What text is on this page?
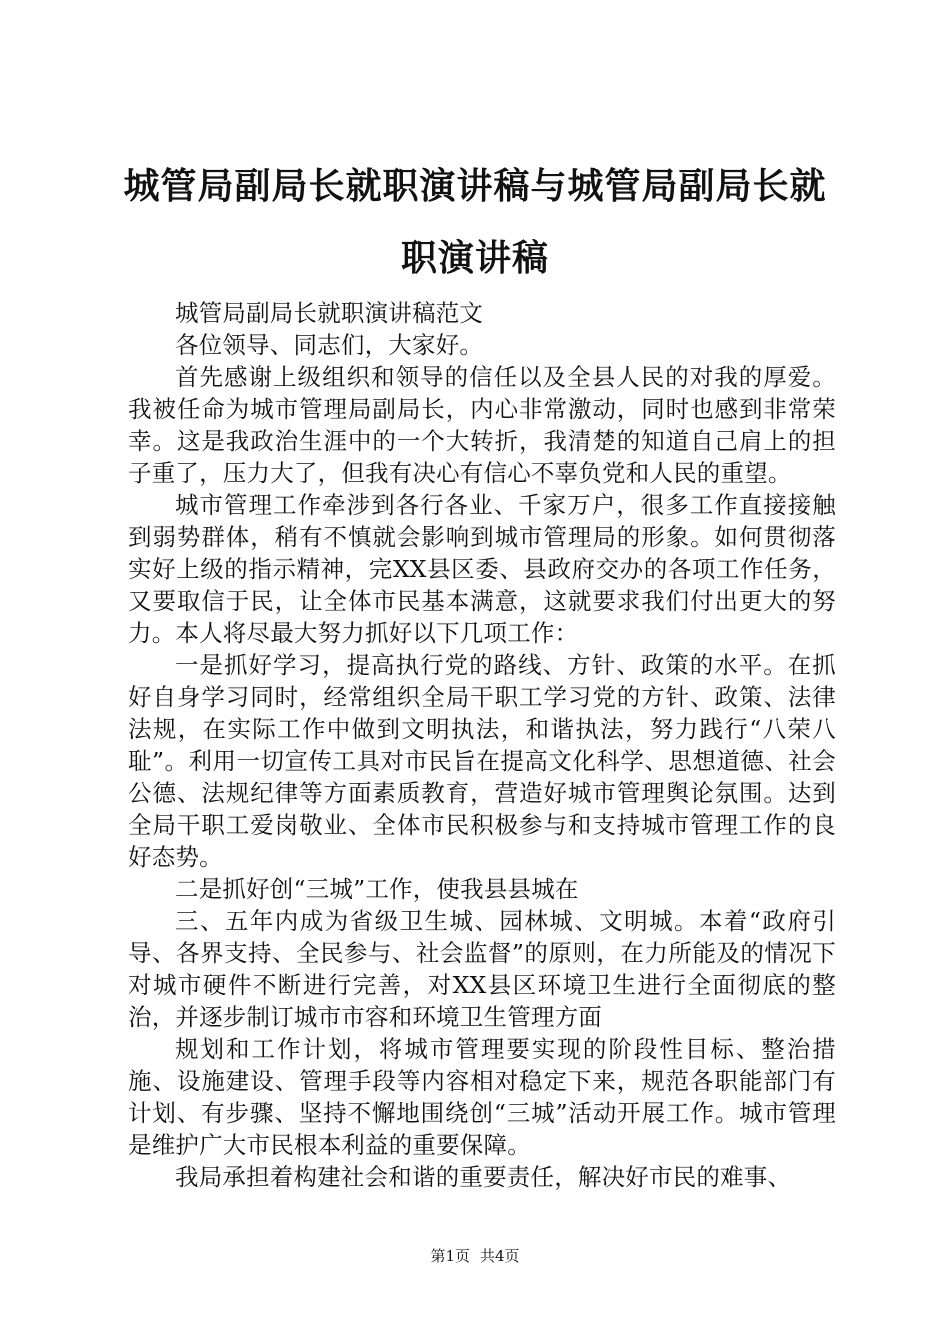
城管局副局长就职演讲稿与城管局副局长就职演讲稿

城管局副局长就职演讲稿范文

各位领导、同志们，大家好。

首先感谢上级组织和领导的信任以及全县人民的对我的厚爱。我被任命为城市管理局副局长，内心非常激动，同时也感到非常荣幸。这是我政治生涯中的一个大转折，我清楚的知道自己肩上的担子重了，压力大了，但我有决心有信心不辜负党和人民的重望。

城市管理工作牵涉到各行各业、千家万户，很多工作直接接触到弱势群体，稍有不慎就会影响到城市管理局的形象。如何贯彻落实好上级的指示精神，完XX县区委、县政府交办的各项工作任务，又要取信于民，让全体市民基本满意，这就要求我们付出更大的努力。本人将尽最大努力抓好以下几项工作：

一是抓好学习，提高执行党的路线、方针、政策的水平。在抓好自身学习同时，经常组织全局干职工学习党的方针、政策、法律法规，在实际工作中做到文明执法，和谐执法，努力践行“八荣八耻”。利用一切宣传工具对市民旨在提高文化科学、思想道德、社会公德、法规纪律等方面素质教育，营造好城市管理舆论氛围。达到全局干职工爱岗敬业、全体市民积极参与和支持城市管理工作的良好态势。

二是抓好创“三城”工作，使我县县城在

三、五年内成为省级卫生城、园林城、文明城。本着“政府引导、各界支持、全民参与、社会监督”的原则，在力所能及的情况下对城市硬件不断进行完善，对XX县区环境卫生进行全面彻底的整治，并逐步制订城市市容和环境卫生管理方面

规划和工作计划，将城市管理要实现的阶段性目标、整治措施、设施建设、管理手段等内容相对稳定下来，规范各职能部门有计划、有步骤、坚持不懈地围绕创“三城”活动开展工作。城市管理是维护广大市民根本利益的重要保障。

我局承担着构建社会和谐的重要责任，解决好市民的难事、

第1页 共4页
